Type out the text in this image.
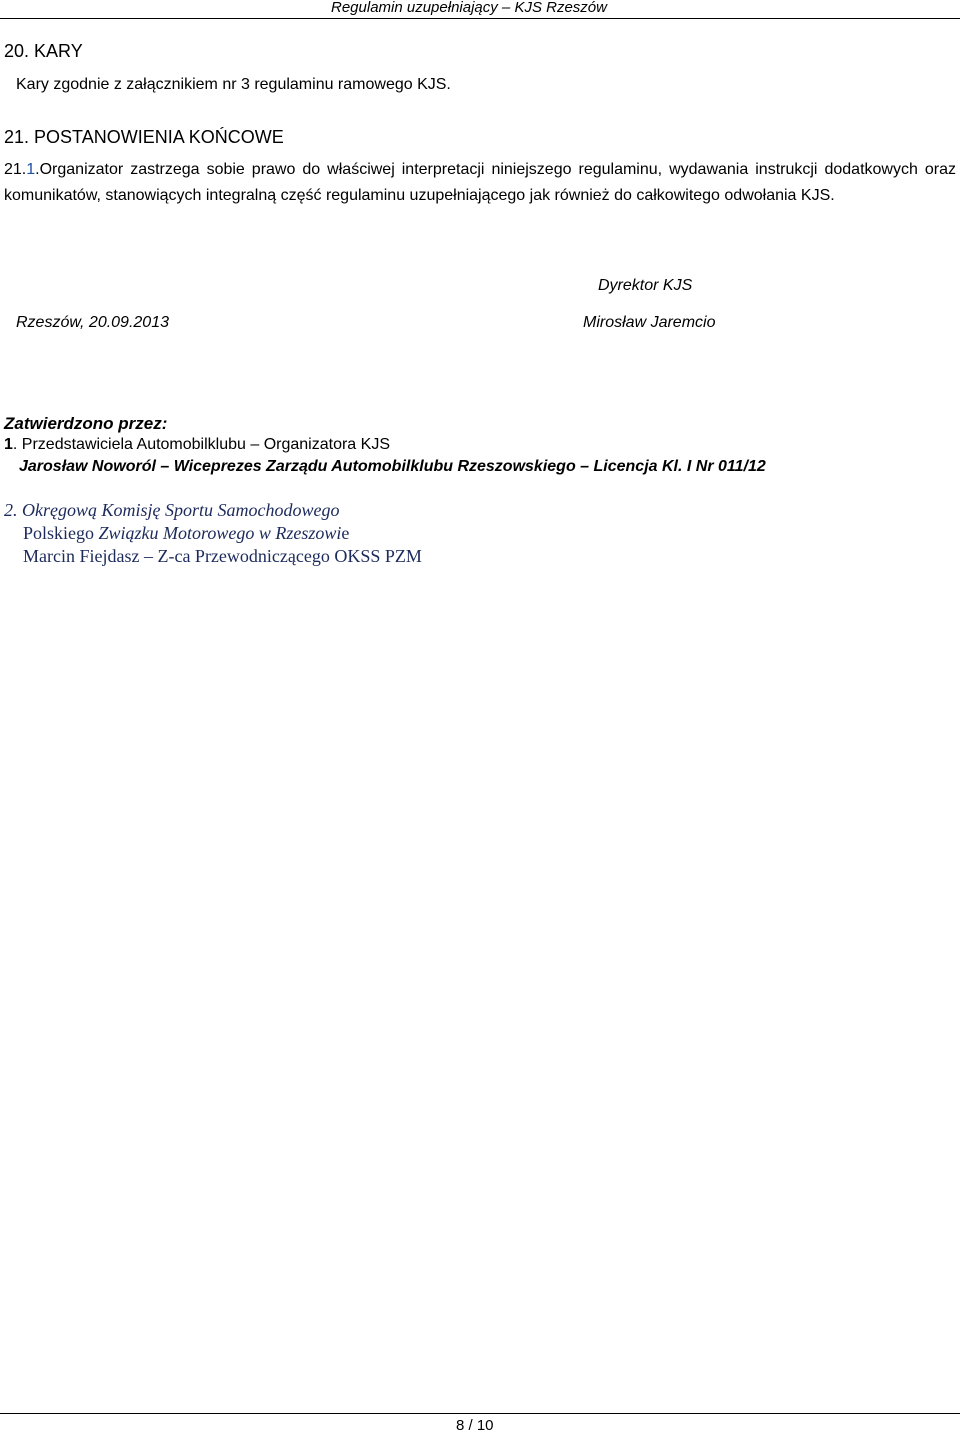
Regulamin uzupełniający – KJS Rzeszów
20. KARY
Kary zgodnie z załącznikiem nr 3 regulaminu ramowego KJS.
21. POSTANOWIENIA KOŃCOWE
21.1.Organizator zastrzega sobie prawo do właściwej interpretacji niniejszego regulaminu, wydawania instrukcji dodatkowych oraz komunikatów, stanowiących integralną część regulaminu uzupełniającego jak również do całkowitego odwołania KJS.
Dyrektor KJS
Rzeszów, 20.09.2013	Mirosław Jaremcio
Zatwierdzono przez:
1. Przedstawiciela Automobilklubu – Organizatora KJS
Jarosław Noworól – Wiceprezes Zarządu Automobilklubu Rzeszowskiego – Licencja Kl. I Nr 011/12
2. Okręgową Komisję Sportu Samochodowego
Polskiego Związku Motorowego w Rzeszowie
Marcin Fiejdasz – Z-ca Przewodniczącego OKSS PZM
8 / 10
